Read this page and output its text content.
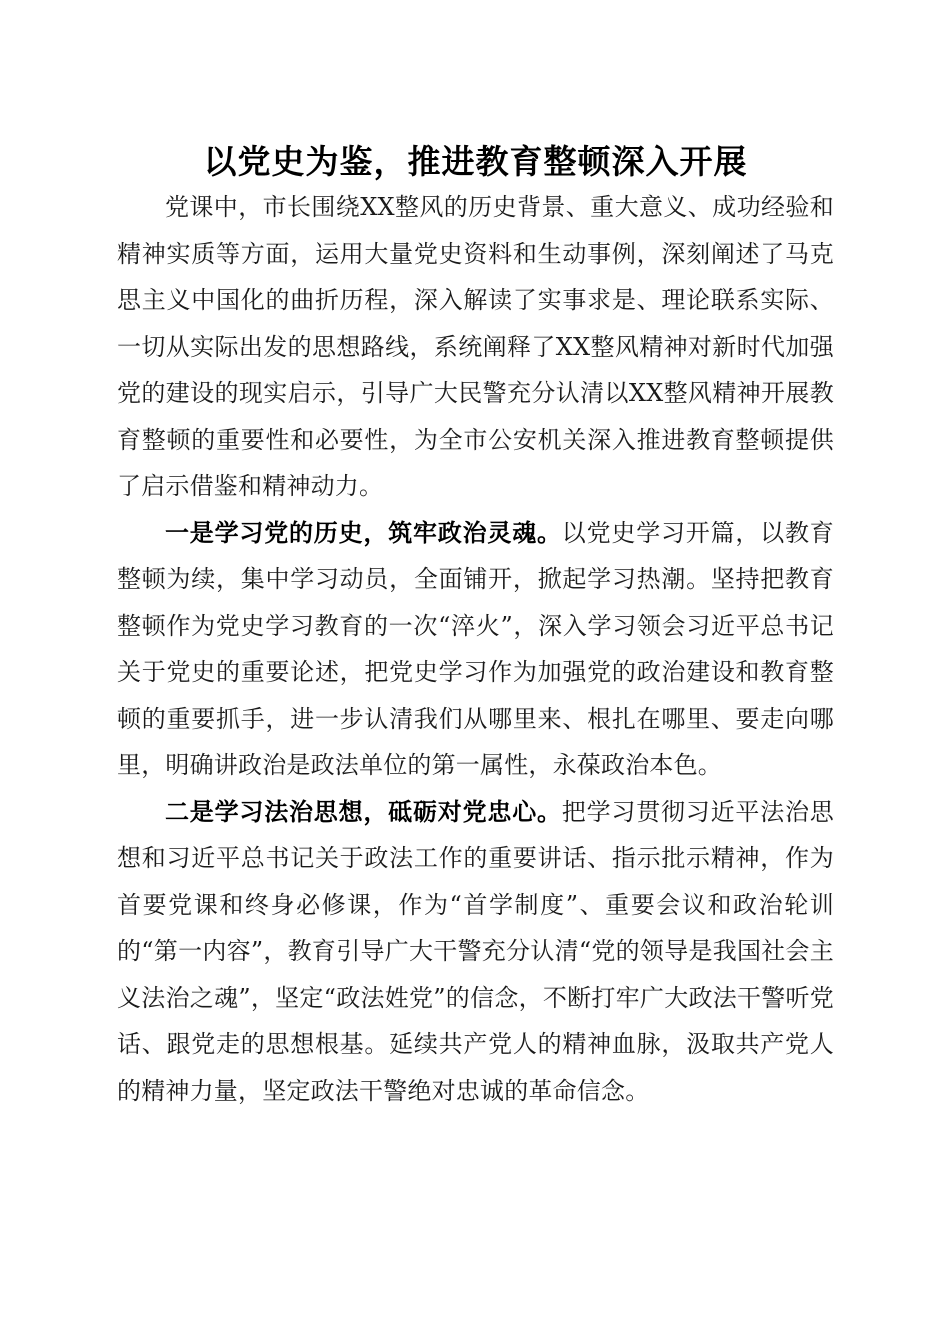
以党史为鉴，推进教育整顿深入开展

党课中，市长围绕XX整风的历史背景、重大意义、成功经验和精神实质等方面，运用大量党史资料和生动事例，深刻阐述了马克思主义中国化的曲折历程，深入解读了实事求是、理论联系实际、一切从实际出发的思想路线，系统阐释了XX整风精神对新时代加强党的建设的现实启示，引导广大民警充分认清以XX整风精神开展教育整顿的重要性和必要性，为全市公安机关深入推进教育整顿提供了启示借鉴和精神动力。

一是学习党的历史，筑牢政治灵魂。以党史学习开篇，以教育整顿为续，集中学习动员，全面铺开，掀起学习热潮。坚持把教育整顿作为党史学习教育的一次“淬火”，深入学习领会习近平总书记关于党史的重要论述，把党史学习作为加强党的政治建设和教育整顿的重要抓手，进一步认清我们从哪里来、根扎在哪里、要走向哪里，明确讲政治是政法单位的第一属性，永葆政治本色。

二是学习法治思想，砥砺对党忠心。把学习贯彻习近平法治思想和习近平总书记关于政法工作的重要讲话、指示批示精神，作为首要党课和终身必修课，作为“首学制度”、重要会议和政治轮训的“第一内容”，教育引导广大干警充分认清“党的领导是我国社会主义法治之魂”，坚定“政法姓党”的信念，不断打牢广大政法干警听党话、跟党走的思想根基。延续共产党人的精神血脉，汲取共产党人的精神力量，坚定政法干警绝对忠诚的革命信念。
